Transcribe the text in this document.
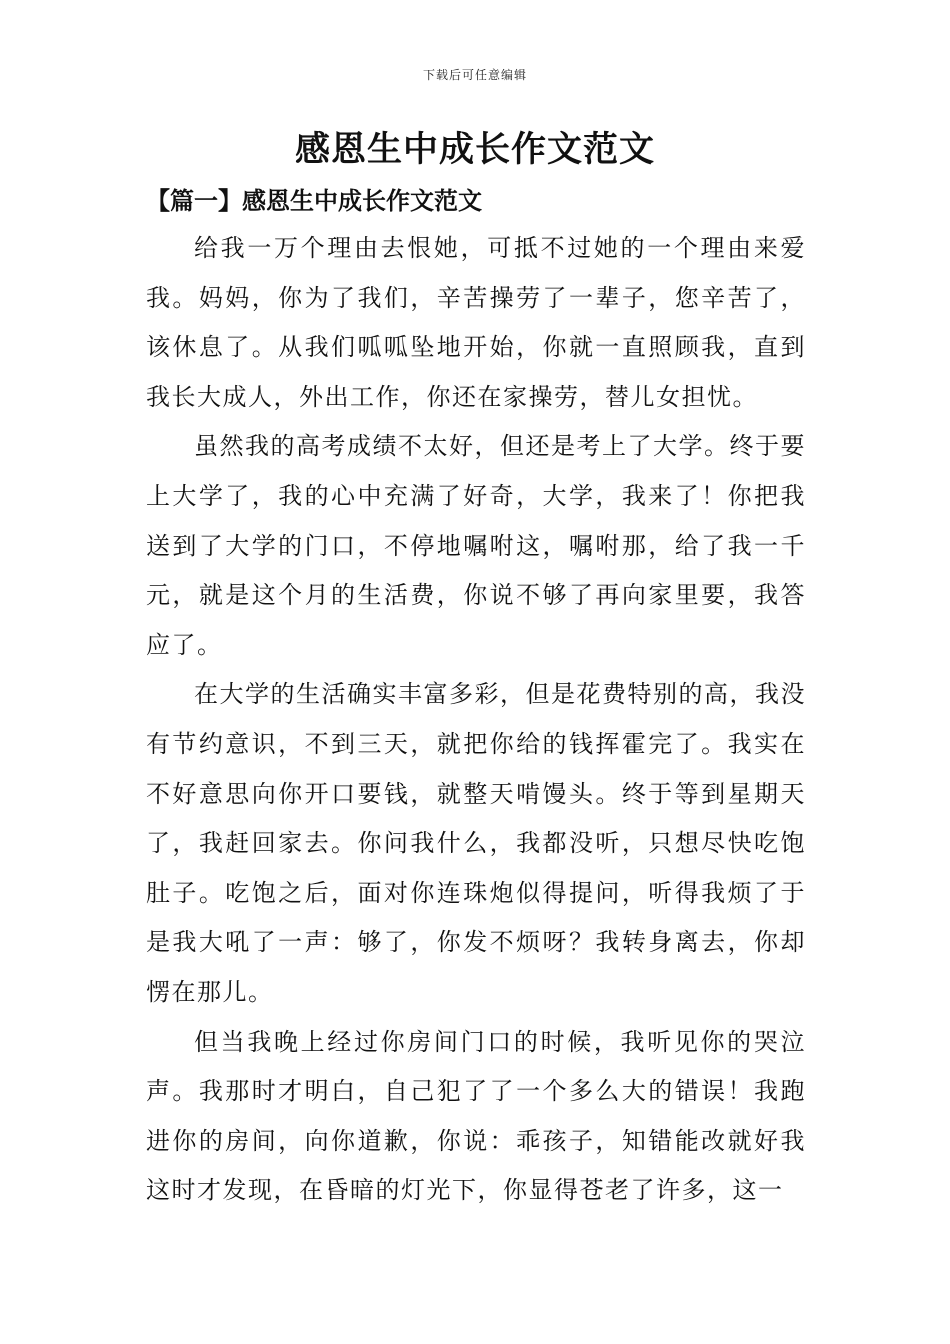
下载后可任意编辑
感恩生中成长作文范文
【篇一】感恩生中成长作文范文

给我一万个理由去恨她，可抵不过她的一个理由来爱我。妈妈，你为了我们，辛苦操劳了一辈子，您辛苦了，该休息了。从我们呱呱坠地开始，你就一直照顾我，直到我长大成人，外出工作，你还在家操劳，替儿女担忧。

虽然我的高考成绩不太好，但还是考上了大学。终于要上大学了，我的心中充满了好奇，大学，我来了！你把我送到了大学的门口，不停地嘱咐这，嘱咐那，给了我一千元，就是这个月的生活费，你说不够了再向家里要，我答应了。

在大学的生活确实丰富多彩，但是花费特别的高，我没有节约意识，不到三天，就把你给的钱挥霍完了。我实在不好意思向你开口要钱，就整天啃馒头。终于等到星期天了，我赶回家去。你问我什么，我都没听，只想尽快吃饱肚子。吃饱之后，面对你连珠炮似得提问，听得我烦了于是我大吼了一声：够了，你发不烦呀？我转身离去，你却愣在那儿。

但当我晚上经过你房间门口的时候，我听见你的哭泣声。我那时才明白，自己犯了了一个多么大的错误！我跑进你的房间，向你道歉，你说：乖孩子，知错能改就好我这时才发现，在昏暗的灯光下，你显得苍老了许多，这一
